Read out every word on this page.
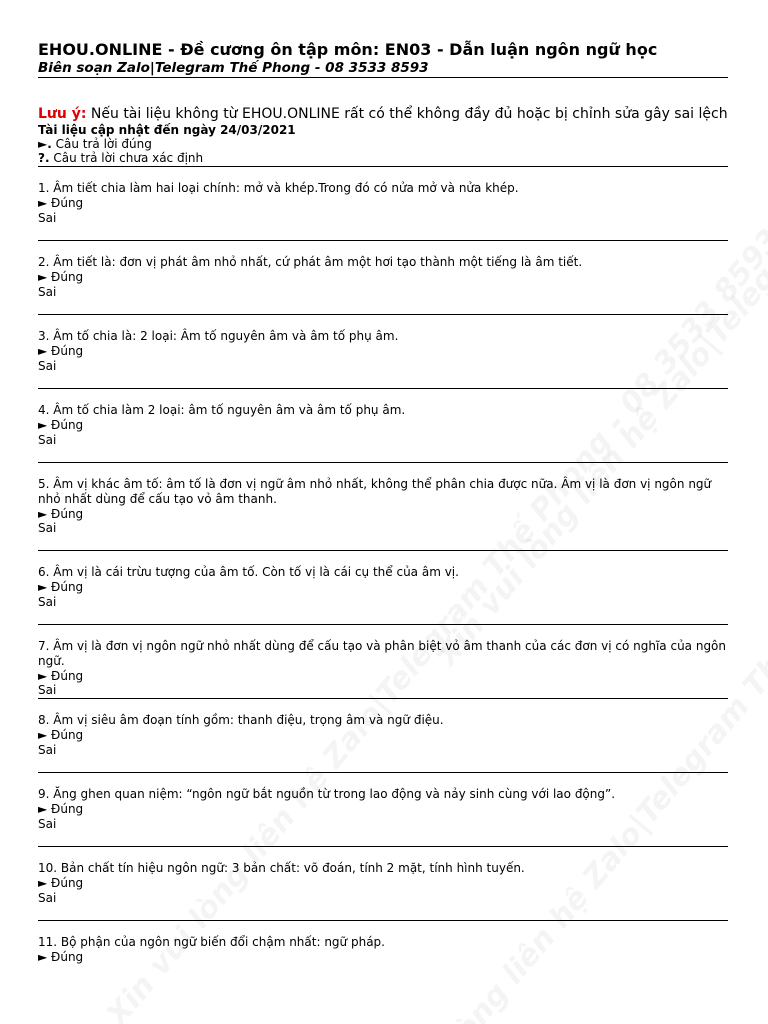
EHOU.ONLINE - Đề cương ôn tập môn: EN03 - Dẫn luận ngôn ngữ học
Biên soạn Zalo|Telegram Thế Phong - 08 3533 8593
Lưu ý: Nếu tài liệu không từ EHOU.ONLINE rất có thể không đầy đủ hoặc bị chỉnh sửa gây sai lệch
Tài liệu cập nhật đến ngày 24/03/2021
►. Câu trả lời đúng
?. Câu trả lời chưa xác định
1. Âm tiết chia làm hai loại chính: mở và khép.Trong đó có nửa mở và nửa khép.
► Đúng
Sai
2. Âm tiết là: đơn vị phát âm nhỏ nhất, cứ phát âm một hơi tạo thành một tiếng là âm tiết.
► Đúng
Sai
3. Âm tố chia là: 2 loại: Âm tố nguyên âm và âm tố phụ âm.
► Đúng
Sai
4. Âm tố chia làm 2 loại: âm tố nguyên âm và âm tố phụ âm.
► Đúng
Sai
5. Âm vị khác âm tố: âm tố là đơn vị ngữ âm nhỏ nhất, không thể phân chia được nữa. Âm vị là đơn vị ngôn ngữ nhỏ nhất dùng để cấu tạo vỏ âm thanh.
► Đúng
Sai
6. Âm vị là cái trừu tượng của âm tố. Còn tố vị là cái cụ thể của âm vị.
► Đúng
Sai
7. Âm vị là đơn vị ngôn ngữ nhỏ nhất dùng để cấu tạo và phân biệt vỏ âm thanh của các đơn vị có nghĩa của ngôn ngữ.
► Đúng
Sai
8. Âm vị siêu âm đoạn tính gồm: thanh điệu, trọng âm và ngữ điệu.
► Đúng
Sai
9. Ăng ghen quan niệm: “ngôn ngữ bắt nguồn từ trong lao động và nảy sinh cùng với lao động”.
► Đúng
Sai
10. Bản chất tín hiệu ngôn ngữ: 3 bản chất: võ đoán, tính 2 mặt, tính hình tuyến.
► Đúng
Sai
11. Bộ phận của ngôn ngữ biến đổi chậm nhất: ngữ pháp.
► Đúng
